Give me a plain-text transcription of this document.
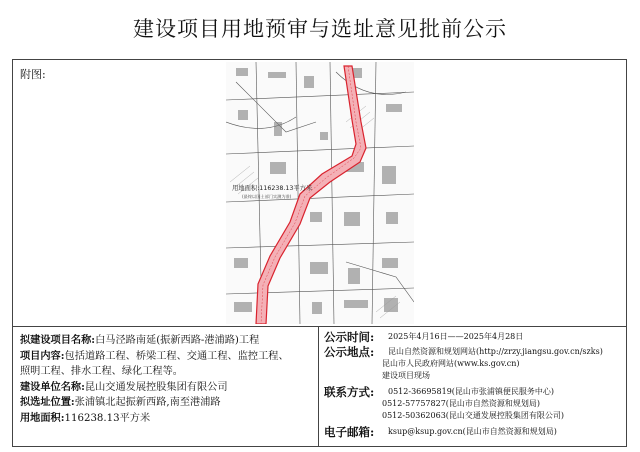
建设项目用地预审与选址意见批前公示
附图:
用地面积:116238.13平方米
(最终以国土部门实测为准)
拟建设项目名称:白马泾路南延(振新西路-港浦路)工程
项目内容:包括道路工程、桥梁工程、交通工程、监控工程、
照明工程、排水工程、绿化工程等。
建设单位名称:昆山交通发展控股集团有限公司
拟选址位置:张浦镇北起振新西路,南至港浦路
用地面积:116238.13平方米
公示时间: 2025年4月16日——2025年4月28日
公示地点: 昆山自然资源和规划网站(http://zrzy.jiangsu.gov.cn/szks)
昆山市人民政府网站(www.ks.gov.cn)
建设项目现场
联系方式: 0512-36695819(昆山市张浦镇便民服务中心)
0512-57757827(昆山市自然资源和规划局)
0512-50362063(昆山交通发展控股集团有限公司)
电子邮箱: ksup@ksup.gov.cn(昆山市自然资源和规划局)
